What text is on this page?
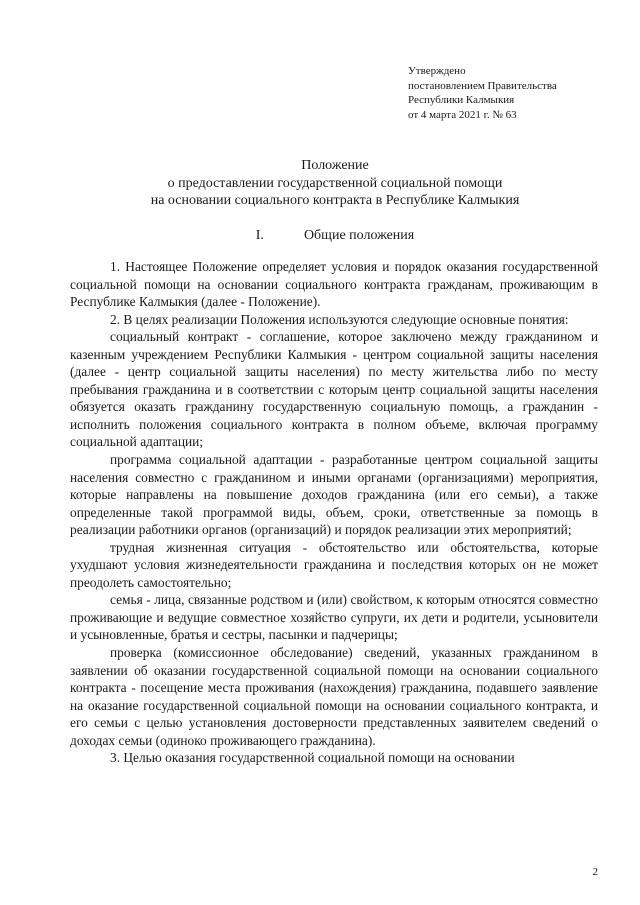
Утверждено
постановлением Правительства
Республики Калмыкия
от 4 марта 2021 г. № 63
Положение
о предоставлении государственной социальной помощи
на основании социального контракта в Республике Калмыкия
I.	Общие положения

1. Настоящее Положение определяет условия и порядок оказания государственной социальной помощи на основании социального контракта гражданам, проживающим в Республике Калмыкия (далее - Положение).

2. В целях реализации Положения используются следующие основные понятия:

социальный контракт - соглашение, которое заключено между гражданином и казенным учреждением Республики Калмыкия - центром социальной защиты населения (далее - центр социальной защиты населения) по месту жительства либо по месту пребывания гражданина и в соответствии с которым центр социальной защиты населения обязуется оказать гражданину государственную социальную помощь, а гражданин - исполнить положения социального контракта в полном объеме, включая программу социальной адаптации;

программа социальной адаптации - разработанные центром социальной защиты населения совместно с гражданином и иными органами (организациями) мероприятия, которые направлены на повышение доходов гражданина (или его семьи), а также определенные такой программой виды, объем, сроки, ответственные за помощь в реализации работники органов (организаций) и порядок реализации этих мероприятий;

трудная жизненная ситуация - обстоятельство или обстоятельства, которые ухудшают условия жизнедеятельности гражданина и последствия которых он не может преодолеть самостоятельно;

семья - лица, связанные родством и (или) свойством, к которым относятся совместно проживающие и ведущие совместное хозяйство супруги, их дети и родители, усыновители и усыновленные, братья и сестры, пасынки и падчерицы;

проверка (комиссионное обследование) сведений, указанных гражданином в заявлении об оказании государственной социальной помощи на основании социального контракта - посещение места проживания (нахождения) гражданина, подавшего заявление на оказание государственной социальной помощи на основании социального контракта, и его семьи с целью установления достоверности представленных заявителем сведений о доходах семьи (одиноко проживающего гражданина).

3. Целью оказания государственной социальной помощи на основании

2
